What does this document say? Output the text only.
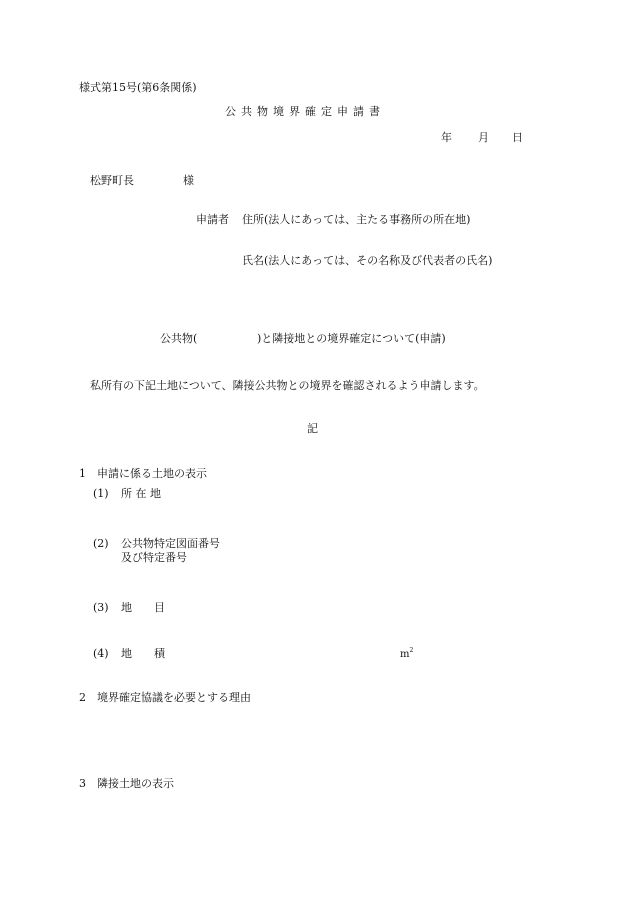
様式第15号(第6条関係)
公共物境界確定申請書
年 月 日
松野町長	様
申請者 住所(法人にあっては、主たる事務所の所在地)
氏名(法人にあっては、その名称及び代表者の氏名)
公共物(	)と隣接地との境界確定について(申請)
私所有の下記土地について、隣接公共物との境界を確認されるよう申請します。
記
1　申請に係る土地の表示
(1) 所 在 地
(2) 公共物特定図面番号
及び特定番号
(3) 地　　目
(4) 地　　積	$m^2$
2　境界確定協議を必要とする理由
3　隣接土地の表示
